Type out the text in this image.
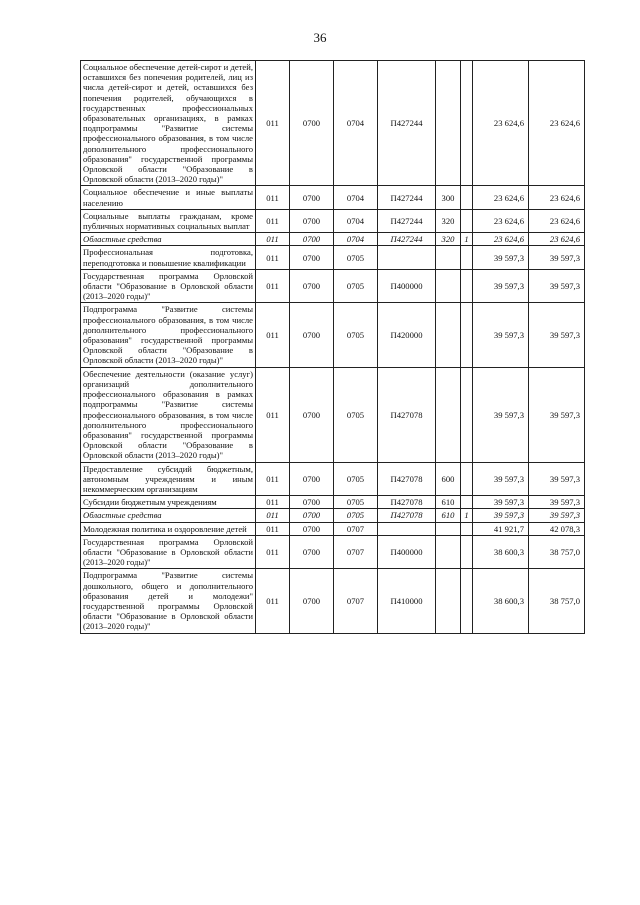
36
Социальное обеспечение детей-сирот и детей, оставшихся без попечения родителей, лиц из числа детей-сирот и детей, оставшихся без попечения родителей, обучающихся в государственных профессиональных образовательных организациях, в рамках подпрограммы "Развитие системы профессионального образования, в том числе дополнительного профессионального образования" государственной программы Орловской области "Образование в Орловской области (2013–2020 годы)"	011	0700	0704	П427244			23 624,6	23 624,6
Социальное обеспечение и иные выплаты населению	011	0700	0704	П427244	300		23 624,6	23 624,6
Социальные выплаты гражданам, кроме публичных нормативных социальных выплат	011	0700	0704	П427244	320		23 624,6	23 624,6
Областные средства	011	0700	0704	П427244	320	1	23 624,6	23 624,6
Профессиональная подготовка, переподготовка и повышение квалификации	011	0700	0705				39 597,3	39 597,3
Государственная программа Орловской области "Образование в Орловской области (2013–2020 годы)"	011	0700	0705	П400000			39 597,3	39 597,3
Подпрограмма "Развитие системы профессионального образования, в том числе дополнительного профессионального образования" государственной программы Орловской области "Образование в Орловской области (2013–2020 годы)"	011	0700	0705	П420000			39 597,3	39 597,3
Обеспечение деятельности (оказание услуг) организаций дополнительного профессионального образования в рамках подпрограммы "Развитие системы профессионального образования, в том числе дополнительного профессионального образования" государственной программы Орловской области "Образование в Орловской области (2013–2020 годы)"	011	0700	0705	П427078			39 597,3	39 597,3
Предоставление субсидий бюджетным, автономным учреждениям и иным некоммерческим организациям	011	0700	0705	П427078	600		39 597,3	39 597,3
Субсидии бюджетным учреждениям	011	0700	0705	П427078	610		39 597,3	39 597,3
Областные средства	011	0700	0705	П427078	610	1	39 597,3	39 597,3
Молодежная политика и оздоровление детей	011	0700	0707				41 921,7	42 078,3
Государственная программа Орловской области "Образование в Орловской области (2013–2020 годы)"	011	0700	0707	П400000			38 600,3	38 757,0
Подпрограмма "Развитие системы дошкольного, общего и дополнительного образования детей и молодежи" государственной программы Орловской области "Образование в Орловской области (2013–2020 годы)"	011	0700	0707	П410000			38 600,3	38 757,0
